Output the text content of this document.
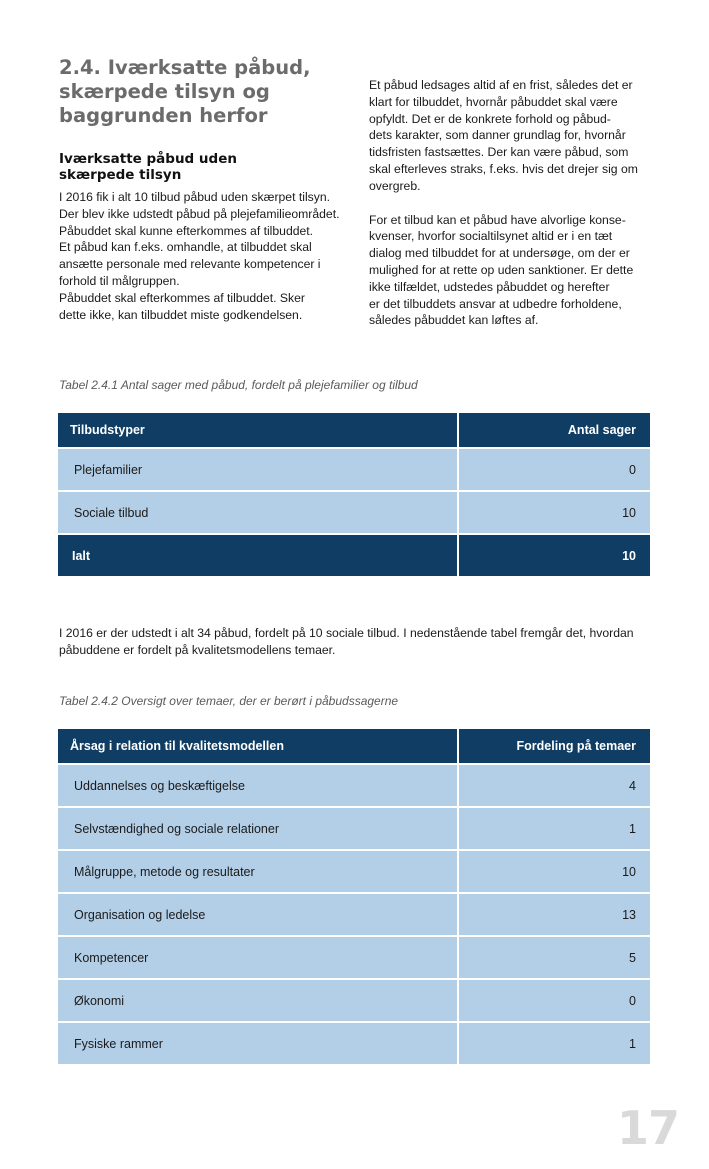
2.4. Iværksatte påbud,
skærpede tilsyn og
baggrunden herfor
Iværksatte påbud uden
skærpede tilsyn

I 2016 fik i alt 10 tilbud påbud uden skærpet tilsyn.
Der blev ikke udstedt påbud på plejefamilieområdet.
Påbuddet skal kunne efterkommes af tilbuddet.
Et påbud kan f.eks. omhandle, at tilbuddet skal
ansætte personale med relevante kompetencer i
forhold til målgruppen.
Påbuddet skal efterkommes af tilbuddet. Sker
dette ikke, kan tilbuddet miste godkendelsen.

Et påbud ledsages altid af en frist, således det er
klart for tilbuddet, hvornår påbuddet skal være
opfyldt. Det er de konkrete forhold og påbud-
dets karakter, som danner grundlag for, hvornår
tidsfristen fastsættes. Der kan være påbud, som
skal efterleves straks, f.eks. hvis det drejer sig om
overgreb.

For et tilbud kan et påbud have alvorlige konse-
kvenser, hvorfor socialtilsynet altid er i en tæt
dialog med tilbuddet for at undersøge, om der er
mulighed for at rette op uden sanktioner. Er dette
ikke tilfældet, udstedes påbuddet og herefter
er det tilbuddets ansvar at udbedre forholdene,
således påbuddet kan løftes af.

Tabel 2.4.1 Antal sager med påbud, fordelt på plejefamilier og tilbud

Tilbudstyper	Antal sager
Plejefamilier	0
Sociale tilbud	10
Ialt	10

I 2016 er der udstedt i alt 34 påbud, fordelt på 10 sociale tilbud. I nedenstående tabel fremgår det, hvordan
påbuddene er fordelt på kvalitetsmodellens temaer.

Tabel 2.4.2 Oversigt over temaer, der er berørt i påbudssagerne

Årsag i relation til kvalitetsmodellen	Fordeling på temaer
Uddannelses og beskæftigelse	4
Selvstændighed og sociale relationer	1
Målgruppe, metode og resultater	10
Organisation og ledelse	13
Kompetencer	5
Økonomi	0
Fysiske rammer	1
17
